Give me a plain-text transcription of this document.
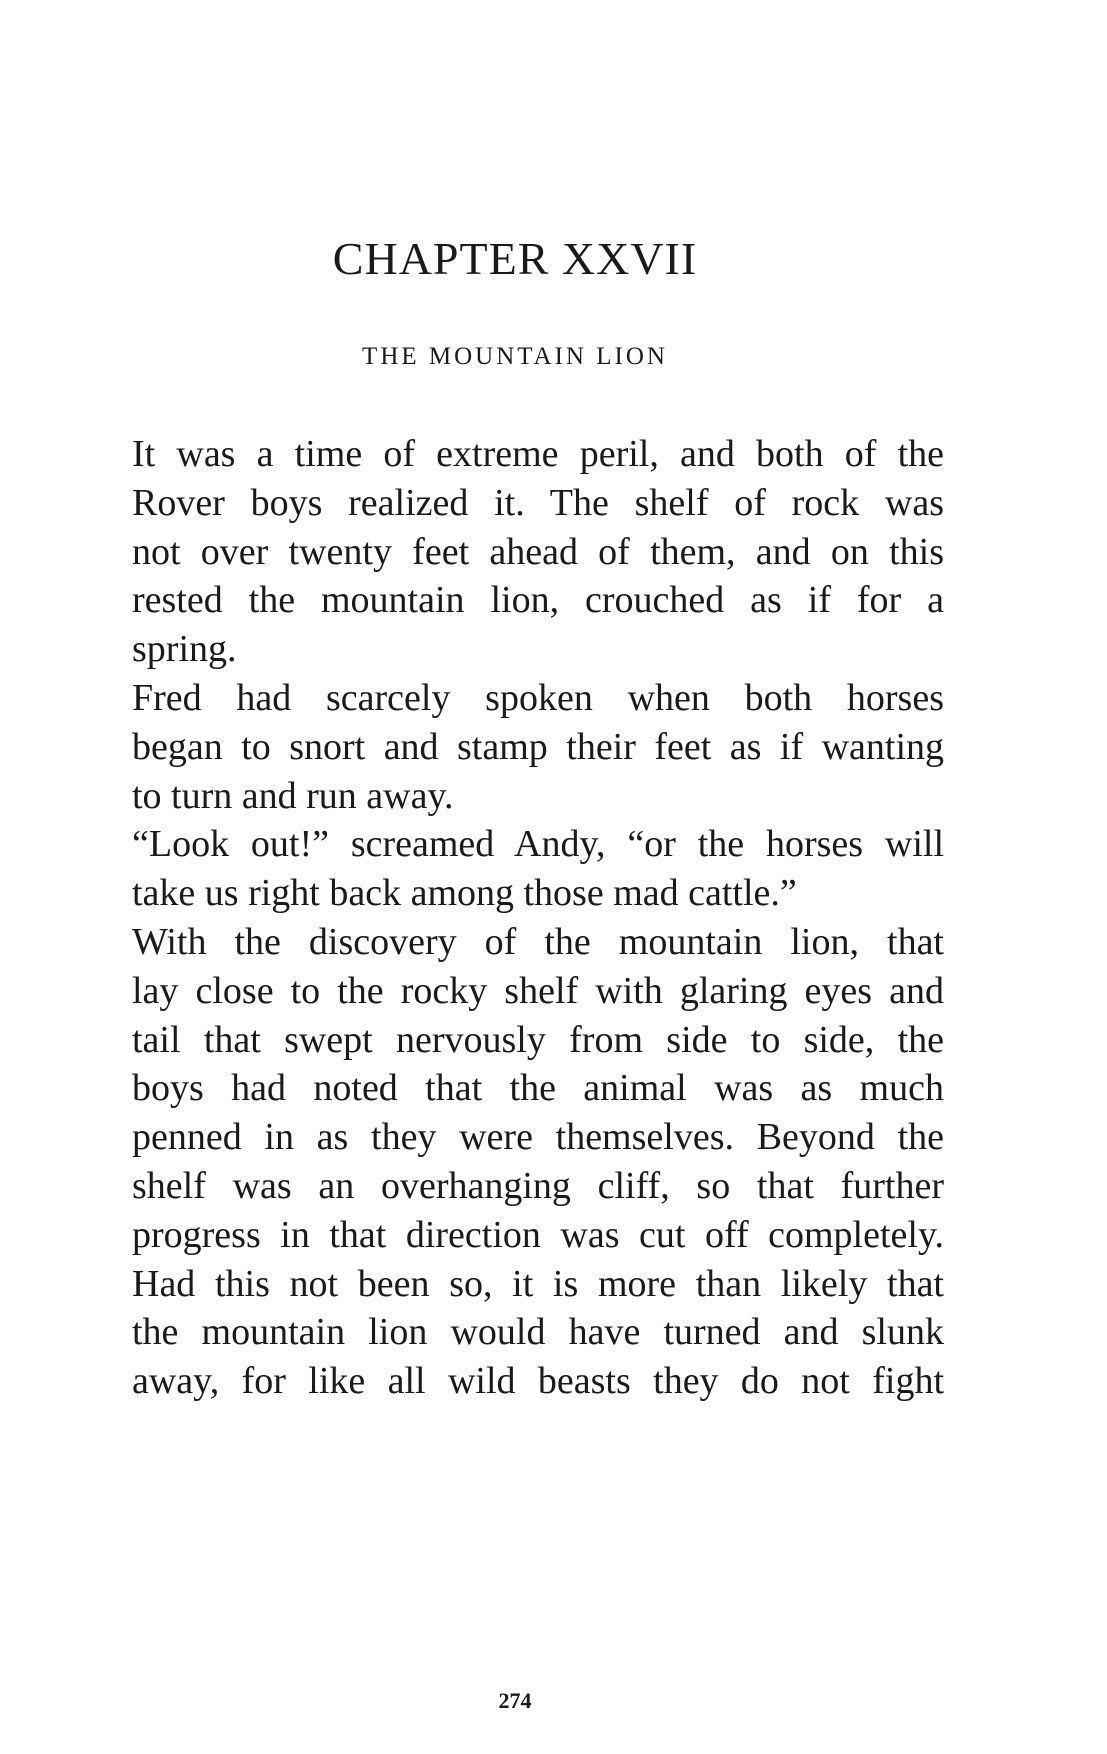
CHAPTER XXVII
THE MOUNTAIN LION

It was a time of extreme peril, and both of the
Rover boys realized it. The shelf of rock was
not over twenty feet ahead of them, and on this
rested the mountain lion, crouched as if for a
spring.

Fred had scarcely spoken when both horses
began to snort and stamp their feet as if wanting
to turn and run away.

“Look out!” screamed Andy, “or the horses will
take us right back among those mad cattle.”

With the discovery of the mountain lion, that
lay close to the rocky shelf with glaring eyes and
tail that swept nervously from side to side, the
boys had noted that the animal was as much
penned in as they were themselves. Beyond the
shelf was an overhanging cliff, so that further
progress in that direction was cut off completely.
Had this not been so, it is more than likely that
the mountain lion would have turned and slunk
away, for like all wild beasts they do not fight

274
